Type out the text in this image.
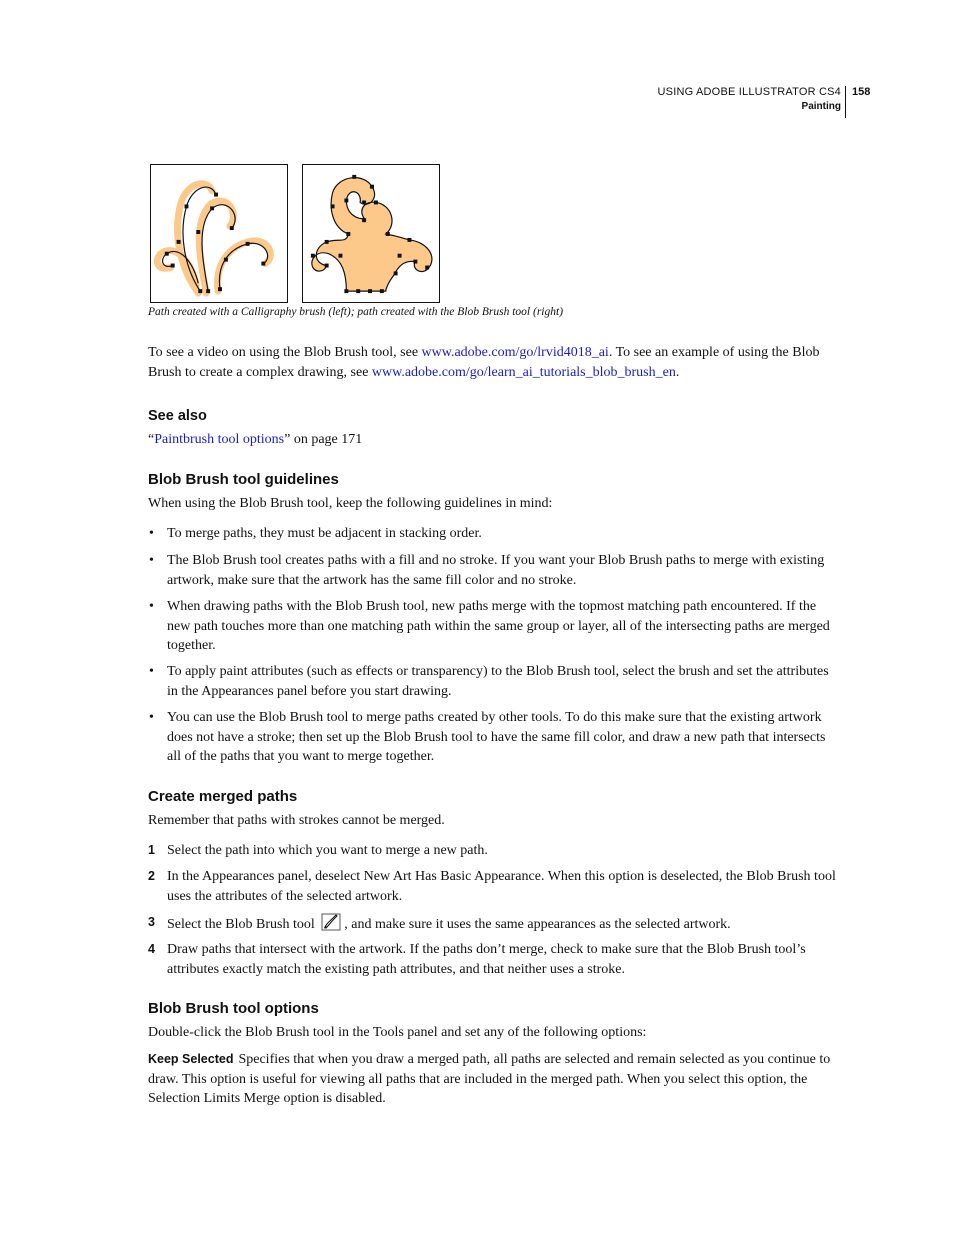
USING ADOBE ILLUSTRATOR CS4
Painting
158
Path created with a Calligraphy brush (left); path created with the Blob Brush tool (right)
To see a video on using the Blob Brush tool, see www.adobe.com/go/lrvid4018_ai. To see an example of using the Blob Brush to create a complex drawing, see www.adobe.com/go/learn_ai_tutorials_blob_brush_en.
See also
“Paintbrush tool options” on page 171
Blob Brush tool guidelines
When using the Blob Brush tool, keep the following guidelines in mind:
• To merge paths, they must be adjacent in stacking order.
• The Blob Brush tool creates paths with a fill and no stroke. If you want your Blob Brush paths to merge with existing artwork, make sure that the artwork has the same fill color and no stroke.
• When drawing paths with the Blob Brush tool, new paths merge with the topmost matching path encountered. If the new path touches more than one matching path within the same group or layer, all of the intersecting paths are merged together.
• To apply paint attributes (such as effects or transparency) to the Blob Brush tool, select the brush and set the attributes in the Appearances panel before you start drawing.
• You can use the Blob Brush tool to merge paths created by other tools. To do this make sure that the existing artwork does not have a stroke; then set up the Blob Brush tool to have the same fill color, and draw a new path that intersects all of the paths that you want to merge together.
Create merged paths
Remember that paths with strokes cannot be merged.
1 Select the path into which you want to merge a new path.
2 In the Appearances panel, deselect New Art Has Basic Appearance. When this option is deselected, the Blob Brush tool uses the attributes of the selected artwork.
3 Select the Blob Brush tool , and make sure it uses the same appearances as the selected artwork.
4 Draw paths that intersect with the artwork. If the paths don’t merge, check to make sure that the Blob Brush tool’s attributes exactly match the existing path attributes, and that neither uses a stroke.
Blob Brush tool options
Double-click the Blob Brush tool in the Tools panel and set any of the following options:
Keep Selected Specifies that when you draw a merged path, all paths are selected and remain selected as you continue to draw. This option is useful for viewing all paths that are included in the merged path. When you select this option, the Selection Limits Merge option is disabled.
